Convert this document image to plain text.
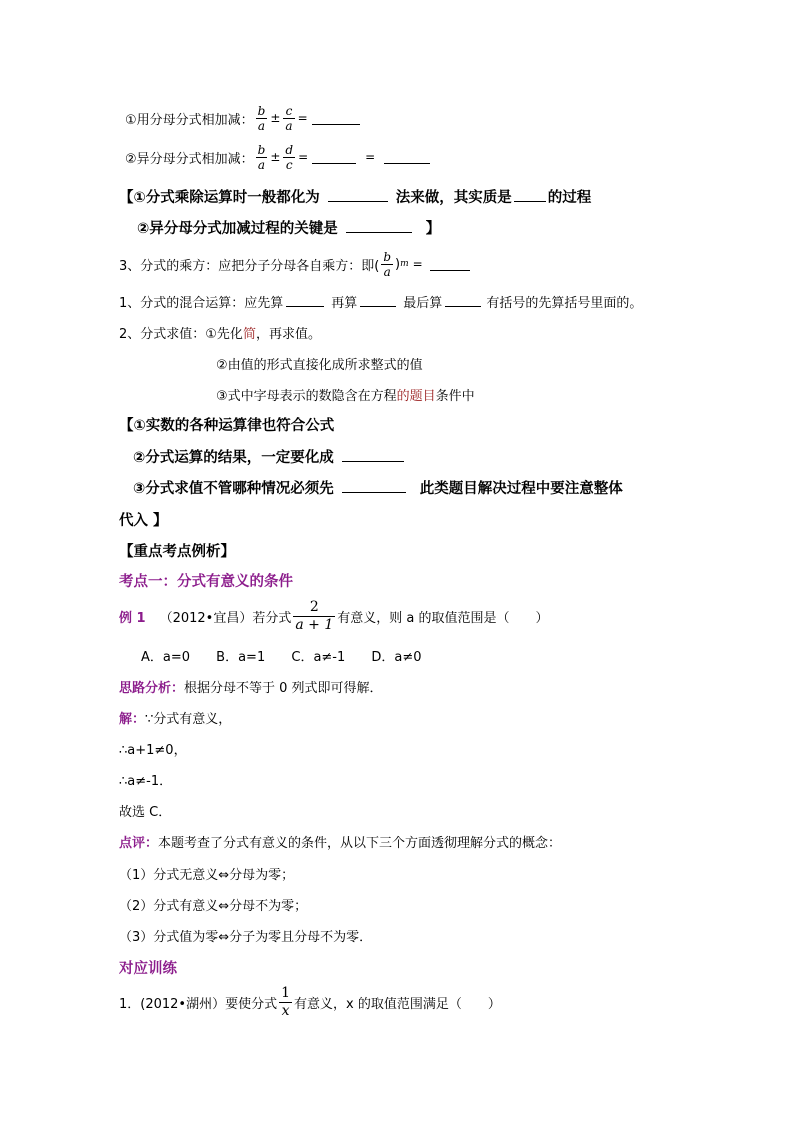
①用分母分式相加减： $\frac{b}{a} \pm \frac{c}{a}$ =
②异分母分式相加减： $\frac{b}{a} \pm \frac{d}{c}$ =	=
【①分式乘除运算时一般都化为	法来做，其实质是 的过程
②异分母分式加减过程的关键是	】
3、分式的乘方：应把分子分母各自乘方：即( $\frac{b}{a}$ ) m =
1、分式的混合运算：应先算	再算	最后算	有括号的先算括号里面的。
2、分式求值：①先化简，再求值。
②由值的形式直接化成所求整式的值
③式中字母表示的数隐含在方程的题目条件中
【①实数的各种运算律也符合公式
②分式运算的结果，一定要化成
③分式求值不管哪种情况必须先	此类题目解决过程中要注意整体
代入 】
【重点考点例析】
考点一：分式有意义的条件
例 1 （2012•宜昌）若分式 $\frac{2}{a + 1}$ 有意义，则 a 的取值范围是（　　）
A．a=0 B．a=1 C．a≠-1 D．a≠0
思路分析：根据分母不等于 0 列式即可得解．
解：∵分式有意义，
∴a+1≠0，
∴a≠-1．
故选 C．
点评：本题考查了分式有意义的条件，从以下三个方面透彻理解分式的概念：
（1）分式无意义⇔分母为零；
（2）分式有意义⇔分母不为零；
（3）分式值为零⇔分子为零且分母不为零．
对应训练
1．(2012•湖州）要使分式 $\frac{1}{x}$ 有意义，x 的取值范围满足（　　）
